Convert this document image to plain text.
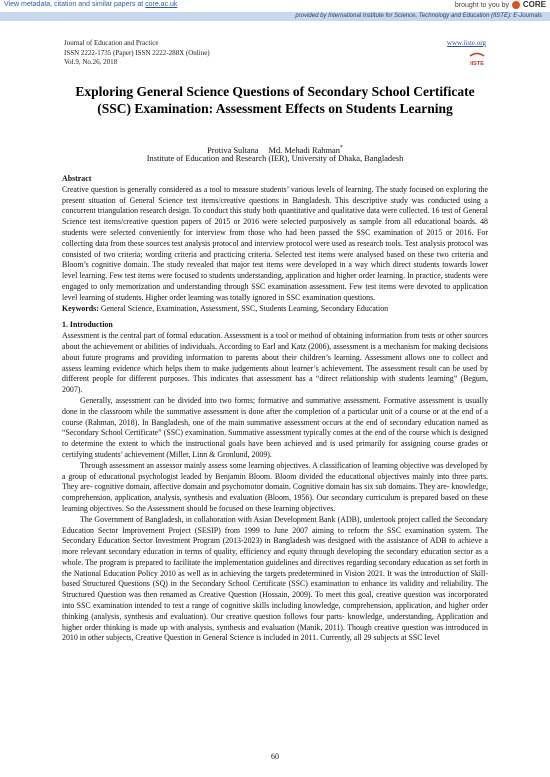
View metadata, citation and similar papers at core.ac.uk	brought to you by CORE
provided by International Institute for Science, Technology and Education (IISTE): E-Journals
Journal of Education and Practice
ISSN 2222-1735 (Paper) ISSN 2222-288X (Online)
Vol.9, No.26, 2018
www.iiste.org
IISTE
Exploring General Science Questions of Secondary School Certificate (SSC) Examination: Assessment Effects on Students Learning
Protiva Sultana Md. Mehadi Rahman*
Institute of Education and Research (IER), University of Dhaka, Bangladesh

Abstract

Creative question is generally considered as a tool to measure students’ various levels of learning. The study focused on exploring the present situation of General Science test items/creative questions in Bangladesh. This descriptive study was conducted using a concurrent triangulation research design. To conduct this study both quantitative and qualitative data were collected. 16 test of General Science test items/creative question papers of 2015 or 2016 were selected purposively as sample from all educational boards. 48 students were selected conveniently for interview from those who had been passed the SSC examination of 2015 or 2016. For collecting data from these sources test analysis protocol and interview protocol were used as research tools. Test analysis protocol was consisted of two criteria; wording criteria and practicing criteria. Selected test items were analysed based on these two criteria and Bloom’s cognitive domain. The study revealed that major test items were developed in a way which direct students towards lower level learning. Few test items were focused to students understanding, application and higher order learning. In practice, students were engaged to only memorization and understanding through SSC examination assessment. Few test items were devoted to application level learning of students. Higher order learning was totally ignored in SSC examination questions.

Keywords: General Science, Examination, Assessment, SSC, Students Learning, Secondary Education

1. Introduction

Assessment is the central part of formal education. Assessment is a tool or method of obtaining information from tests or other sources about the achievement or abilities of individuals. According to Earl and Katz (2006), assessment is a mechanism for making decisions about future programs and providing information to parents about their children’s learning. Assessment allows one to collect and assess learning evidence which helps them to make judgements about learner’s achievement. The assessment result can be used by different people for different purposes. This indicates that assessment has a “direct relationship with students learning” (Begum, 2007).

Generally, assessment can be divided into two forms; formative and summative assessment. Formative assessment is usually done in the classroom while the summative assessment is done after the completion of a particular unit of a course or at the end of a course (Rahman, 2018). In Bangladesh, one of the main summative assessment occurs at the end of secondary education named as “Secondary School Certificate” (SSC) examination. Summative assessment typically comes at the end of the course which is designed to determine the extent to which the instructional goals have been achieved and is used primarily for assigning course grades or certifying students’ achievement (Miller, Linn & Gronlund, 2009).

Through assessment an assessor mainly assess some learning objectives. A classification of learning objective was developed by a group of educational psychologist leaded by Benjamin Bloom. Bloom divided the educational objectives mainly into three parts. They are- cognitive domain, affective domain and psychomotor domain. Cognitive domain has six sub domains. They are- knowledge, comprehension, application, analysis, synthesis and evaluation (Bloom, 1956). Our secondary curriculum is prepared based on these learning objectives. So the Assessment should be focused on these learning objectives.

The Government of Bangladesh, in collaboration with Asian Development Bank (ADB), undertook project called the Secondary Education Sector Improvement Project (SESIP) from 1999 to June 2007 aiming to reform the SSC examination system. The Secondary Education Sector Investment Program (2013-2023) in Bangladesh was designed with the assistance of ADB to achieve a more relevant secondary education in terms of quality, efficiency and equity through developing the secondary education sector as a whole. The program is prepared to facilitate the implementation guidelines and directives regarding secondary education as set forth in the National Education Policy 2010 as well as in achieving the targets predetermined in Vision 2021. It was the introduction of Skill-based Structured Questions (SQ) in the Secondary School Certificate (SSC) examination to enhance its validity and reliability. The Structured Question was then renamed as Creative Question (Hossain, 2009). To meet this goal, creative question was incorporated into SSC examination intended to test a range of cognitive skills including knowledge, comprehension, application, and higher order thinking (analysis, synthesis and evaluation). Our creative question follows four parts- knowledge, understanding, Application and higher order thinking is made up with analysis, synthesis and evaluation (Manik, 2011). Though creative question was introduced in 2010 in other subjects, Creative Question in General Science is included in 2011. Currently, all 29 subjects at SSC level

60
